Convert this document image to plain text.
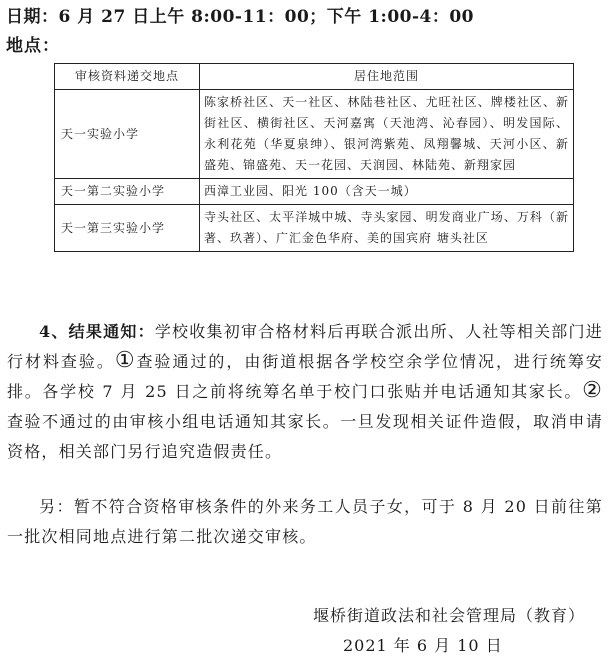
日期：6 月 27 日上午 8:00-11：00；下午 1:00-4：00
地点：
审核资料递交地点	居住地范围
天一实验小学	陈家桥社区、天一社区、林陆巷社区、尤旺社区、牌楼社区、新街社区、横街社区、天河嘉寓（天池湾、沁春园）、明发国际、永利花苑（华夏泉绅）、银河湾紫苑、凤翔馨城、天河小区、新盛苑、锦盛苑、天一花园、天润园、林陆苑、新翔家园
天一第二实验小学	西漳工业园、阳光 100（含天一城）
天一第三实验小学	寺头社区、太平洋城中城、寺头家园、明发商业广场、万科（新著、玖著）、广汇金色华府、美的国宾府 塘头社区
4、结果通知：学校收集初审合格材料后再联合派出所、人社等相关部门进行材料查验。①查验通过的，由街道根据各学校空余学位情况，进行统筹安排。各学校 7 月 25 日之前将统筹名单于校门口张贴并电话通知其家长。②查验不通过的由审核小组电话通知其家长。一旦发现相关证件造假，取消申请资格，相关部门另行追究造假责任。
另：暂不符合资格审核条件的外来务工人员子女，可于 8 月 20 日前往第一批次相同地点进行第二批次递交审核。
堰桥街道政法和社会管理局（教育）
2021 年 6 月 10 日
